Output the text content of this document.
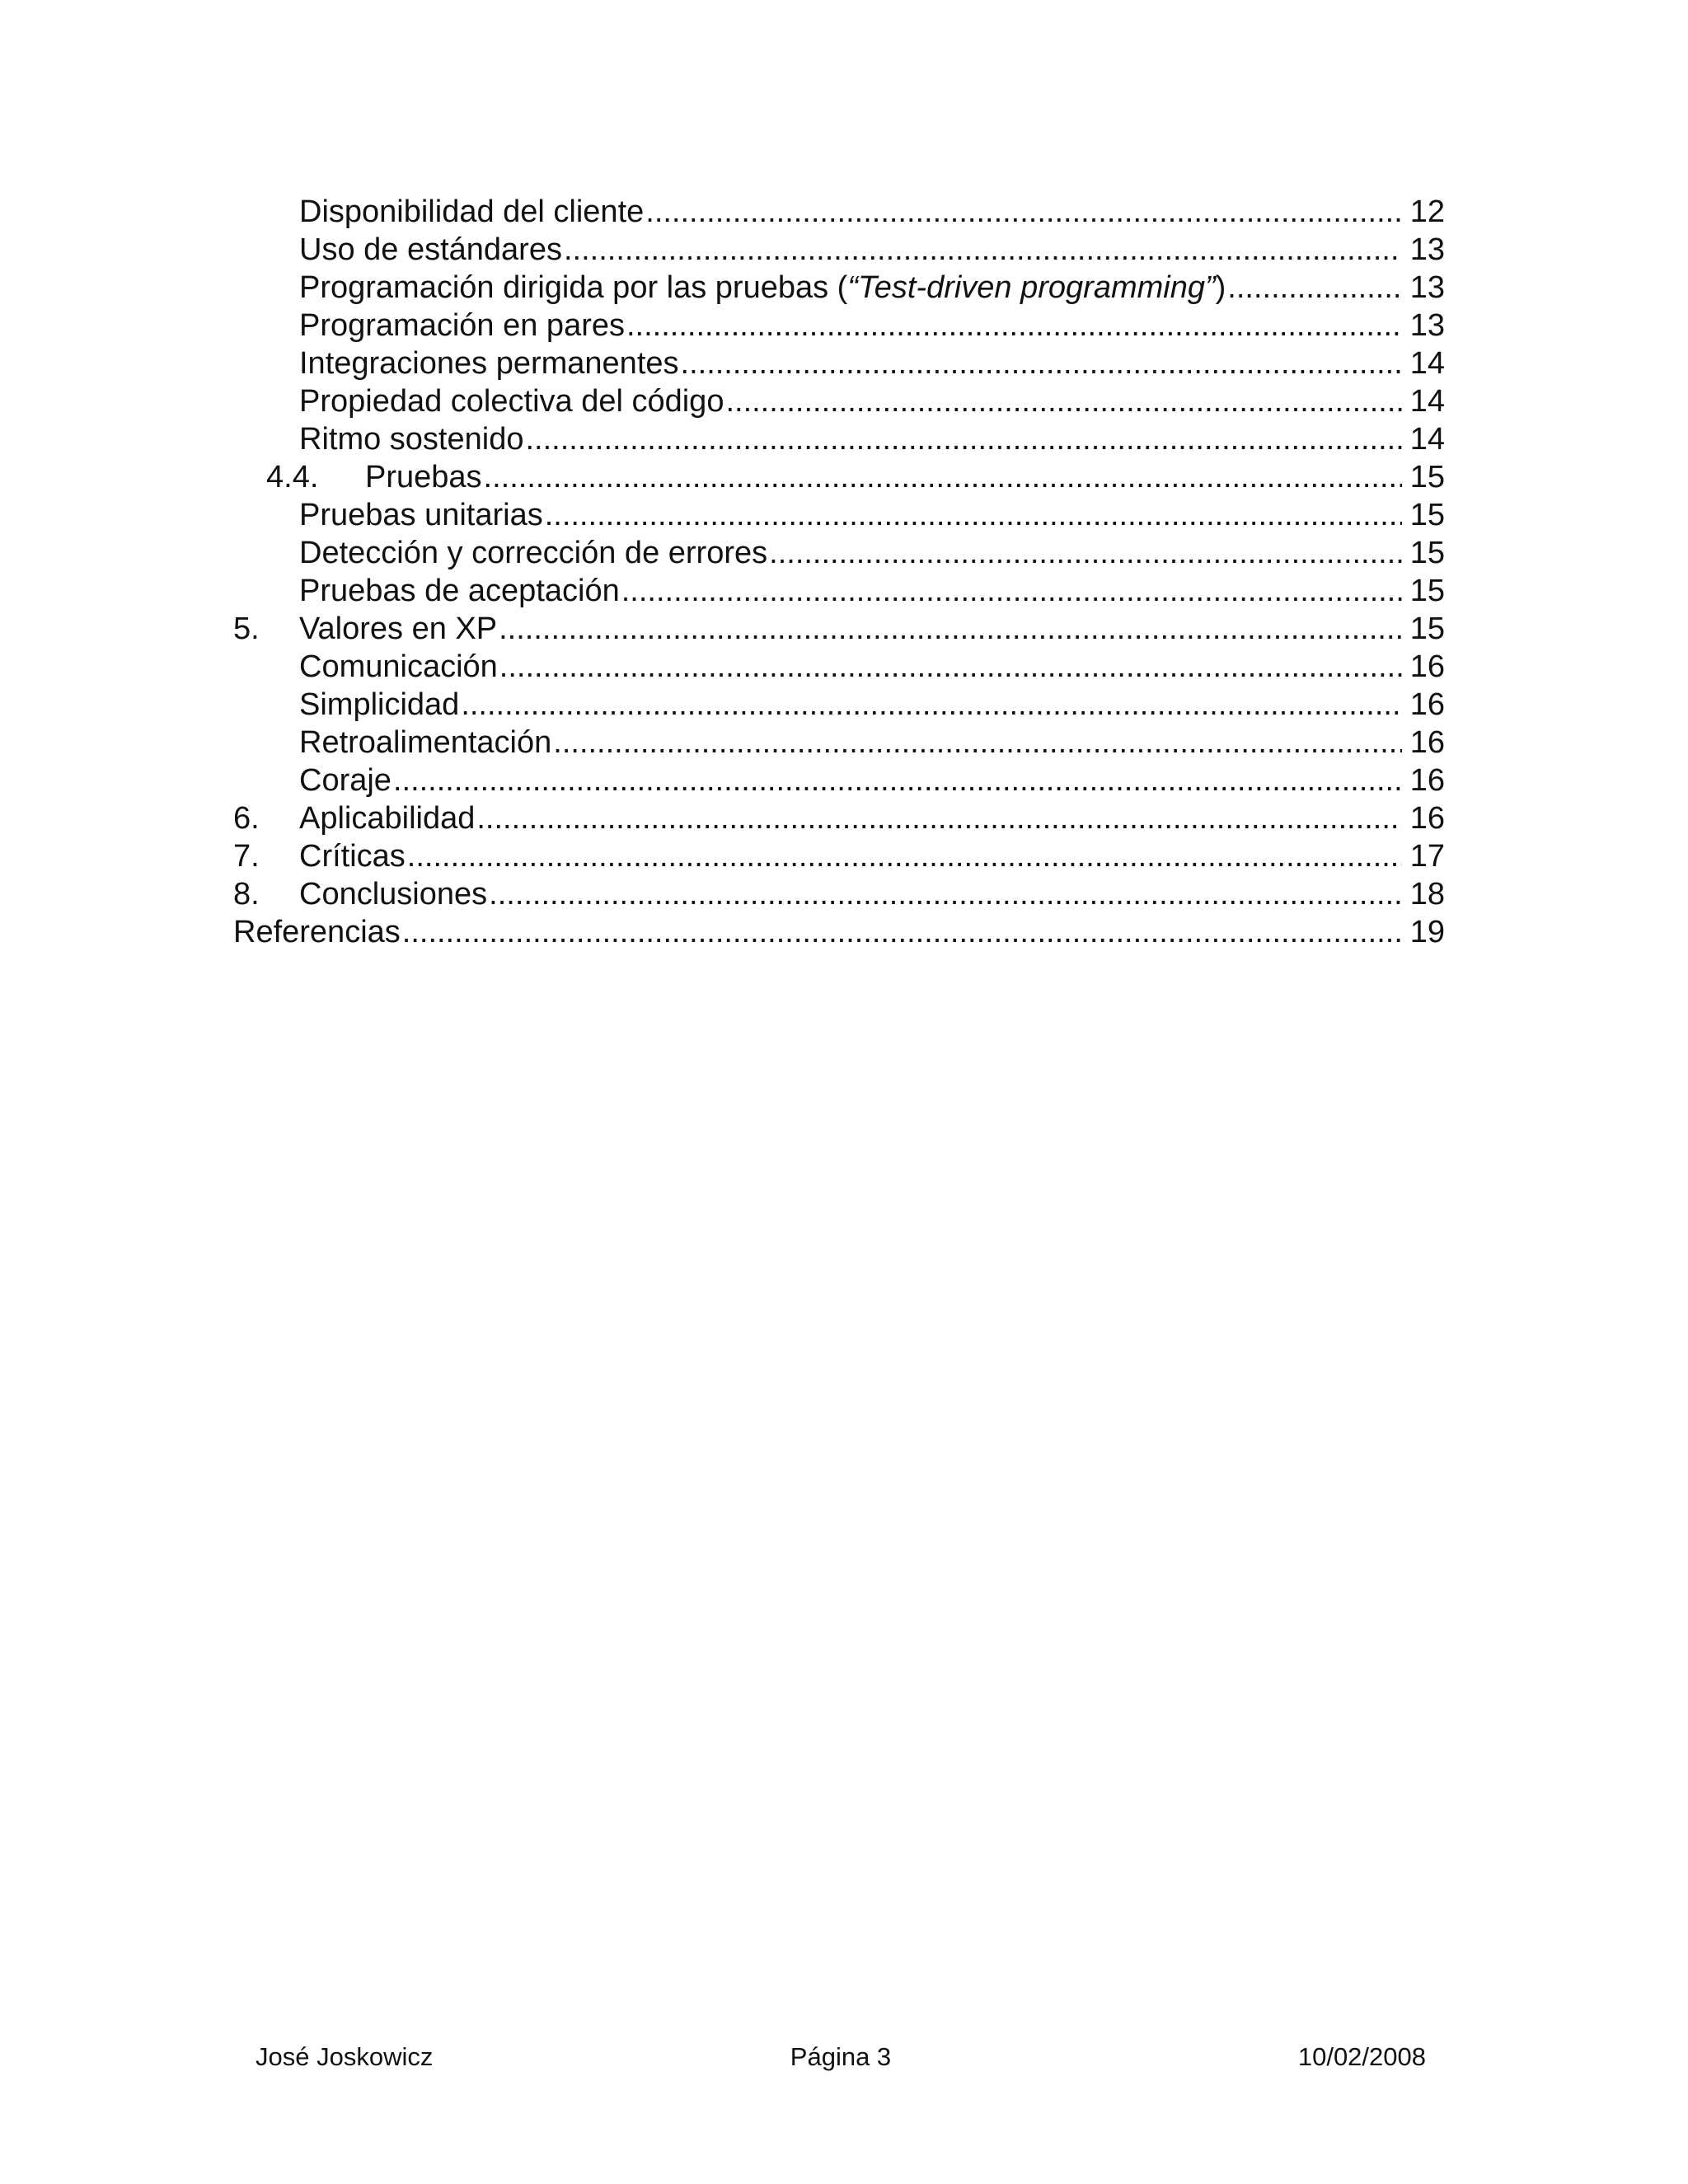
Disponibilidad del cliente .....	12
Uso de estándares .....	13
Programación dirigida por las pruebas (“Test-driven programming”) .....	13
Programación en pares .....	13
Integraciones permanentes .....	14
Propiedad colectiva del código .....	14
Ritmo sostenido .....	14
4.4. Pruebas .....	15
Pruebas unitarias .....	15
Detección y corrección de errores .....	15
Pruebas de aceptación .....	15
5. Valores en XP .....	15
Comunicación .....	16
Simplicidad .....	16
Retroalimentación .....	16
Coraje .....	16
6. Aplicabilidad .....	16
7. Críticas .....	17
8. Conclusiones .....	18
Referencias .....	19
José Joskowicz	Página 3	10/02/2008
